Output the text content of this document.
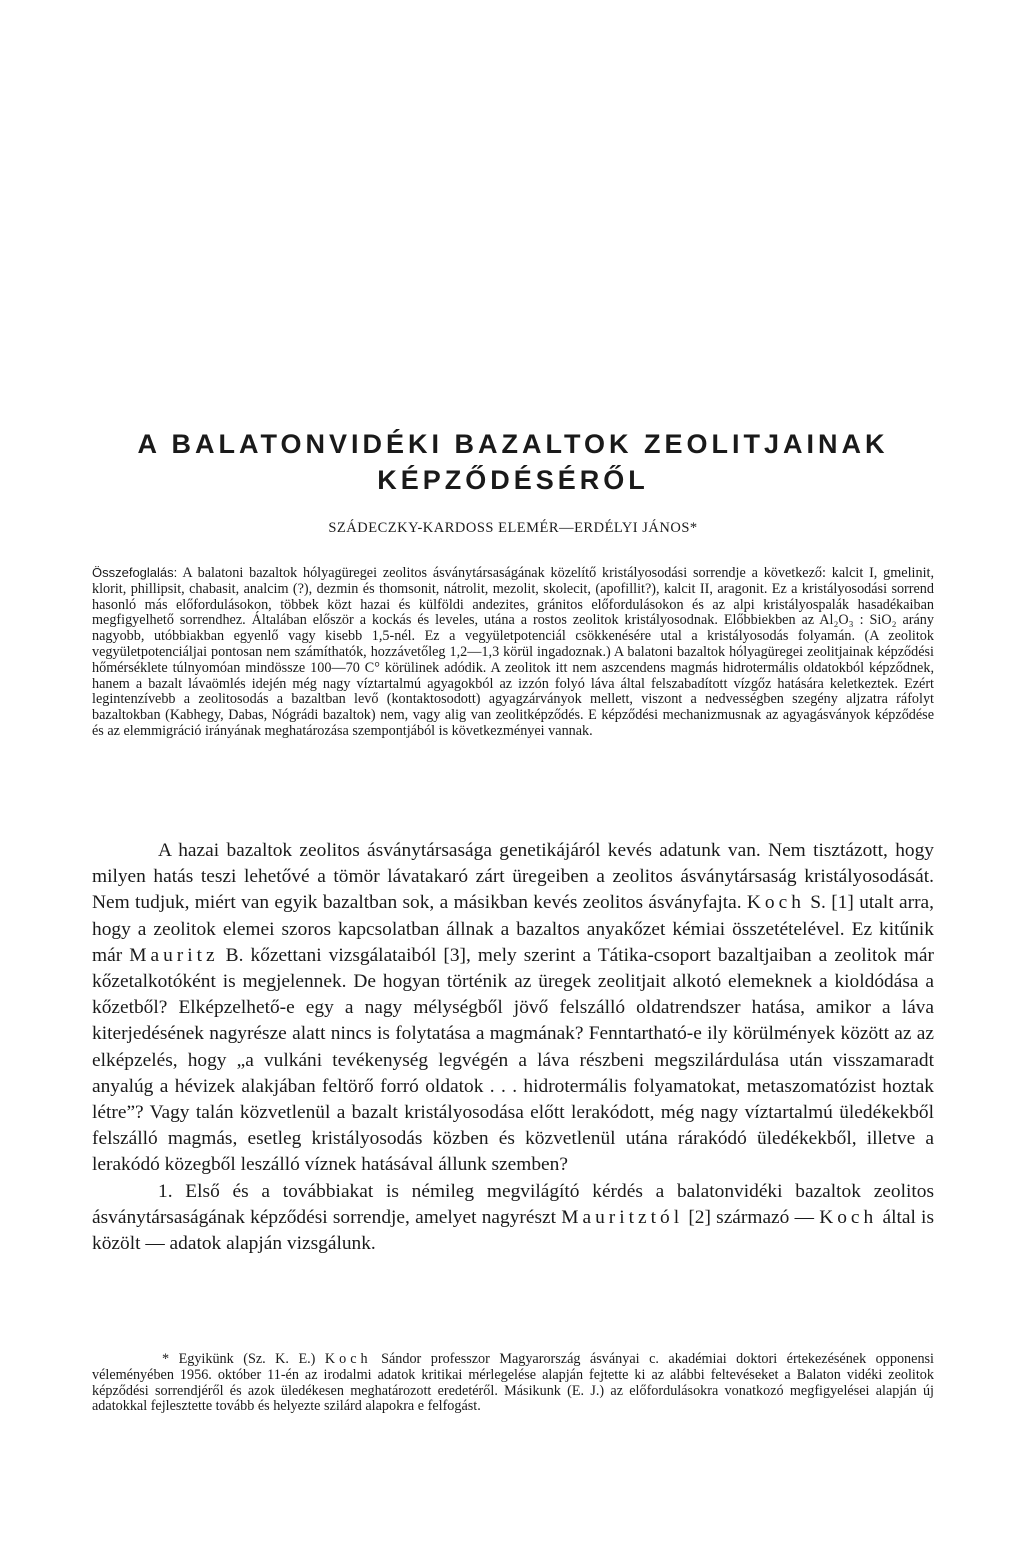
A BALATONVIDÉKI BAZALTOK ZEOLITJAINAK
KÉPZŐDÉSÉRŐL

SZÁDECZKY-KARDOSS ELEMÉR—ERDÉLYI JÁNOS*

Összefoglalás: A balatoni bazaltok hólyagüregei zeolitos ásványtársaságának közelítő kristályosodási sorrendje a következő: kalcit I, gmelinit, klorit, phillipsit, chabasit, analcim (?), dezmin és thomsonit, nátrolit, mezolit, skolecit, (apofillit?), kalcit II, aragonit. Ez a kristályosodási sorrend hasonló más előfordulásokon, többek közt hazai és külföldi andezites, gránitos előfordulásokon és az alpi kristályospalák hasadékaiban megfigyelhető sorrendhez. Általában először a kockás és leveles, utána a rostos zeolitok kristályosodnak. Előbbiekben az Al₂O₃ : SiO₂ arány nagyobb, utóbbiakban egyenlő vagy kisebb 1,5-nél. Ez a vegyületpotenciál csökkenésére utal a kristályosodás folyamán. (A zeolitok vegyületpotenciáljai pontosan nem számíthatók, hozzávetőleg 1,2—1,3 körül ingadoznak.) A balatoni bazaltok hólyagüregei zeolitjainak képződési hőmérséklete túlnyomóan mindössze 100—70 C° körülinek adódik. A zeolitok itt nem aszcendens magmás hidrotermális oldatokból képződnek, hanem a bazalt lávaömlés idején még nagy víztartalmú agyagokból az izzón folyó láva által felszabadított vízgőz hatására keletkeztek. Ezért legintenzívebb a zeolitosodás a bazaltban levő (kontaktosodott) agyagzárványok mellett, viszont a nedvességben szegény aljzatra ráfolyt bazaltokban (Kabhegy, Dabas, Nógrádi bazaltok) nem, vagy alig van zeolitképződés. E képződési mechanizmusnak az agyagásványok képződése és az elemmigráció irányának meghatározása szempontjából is következményei vannak.

A hazai bazaltok zeolitos ásványtársasága genetikájáról kevés adatunk van. Nem tisztázott, hogy milyen hatás teszi lehetővé a tömör lávatakaró zárt üregeiben a zeolitos ásványtársaság kristályosodását. Nem tudjuk, miért van egyik bazaltban sok, a másikban kevés zeolitos ásványfajta. Koch S. [1] utalt arra, hogy a zeolitok elemei szoros kapcsolatban állnak a bazaltos anyakőzet kémiai összetételével. Ez kitűnik már Mauritz B. kőzettani vizsgálataiból [3], mely szerint a Tátika-csoport bazaltjaiban a zeolitok már kőzetalkotóként is megjelennek. De hogyan történik az üregek zeolitjait alkotó elemeknek a kioldódása a kőzetből? Elképzelhető-e egy a nagy mélységből jövő felszálló oldatrendszer hatása, amikor a láva kiterjedésének nagyrésze alatt nincs is folytatása a magmának? Fenntartható-e ily körülmények között az az elképzelés, hogy „a vulkáni tevékenység legvégén a láva részbeni megszilárdulása után visszamaradt anyalúg a hévizek alakjában feltörő forró oldatok . . . hidrotermális folyamatokat, metaszomatózist hoztak létre”? Vagy talán közvetlenül a bazalt kristályosodása előtt lerakódott, még nagy víztartalmú üledékekből felszálló magmás, esetleg kristályosodás közben és közvetlenül utána rárakódó üledékekből, illetve a lerakódó közegből leszálló víznek hatásával állunk szemben?

1. Első és a továbbiakat is némileg megvilágító kérdés a balatonvidéki bazaltok zeolitos ásványtársaságának képződési sorrendje, amelyet nagyrészt Mauritztól [2] származó — Koch által is közölt — adatok alapján vizsgálunk.

* Egyikünk (Sz. K. E.) Koch Sándor professzor Magyarország ásványai c. akadémiai doktori értekezésének opponensi véleményében 1956. október 11-én az irodalmi adatok kritikai mérlegelése alapján fejtette ki az alábbi feltevéseket a Balaton vidéki zeolitok képződési sorrendjéről és azok üledékesen meghatározott eredetéről. Másikunk (E. J.) az előfordulásokra vonatkozó megfigyelései alapján új adatokkal fejlesztette tovább és helyezte szilárd alapokra e felfogást.
